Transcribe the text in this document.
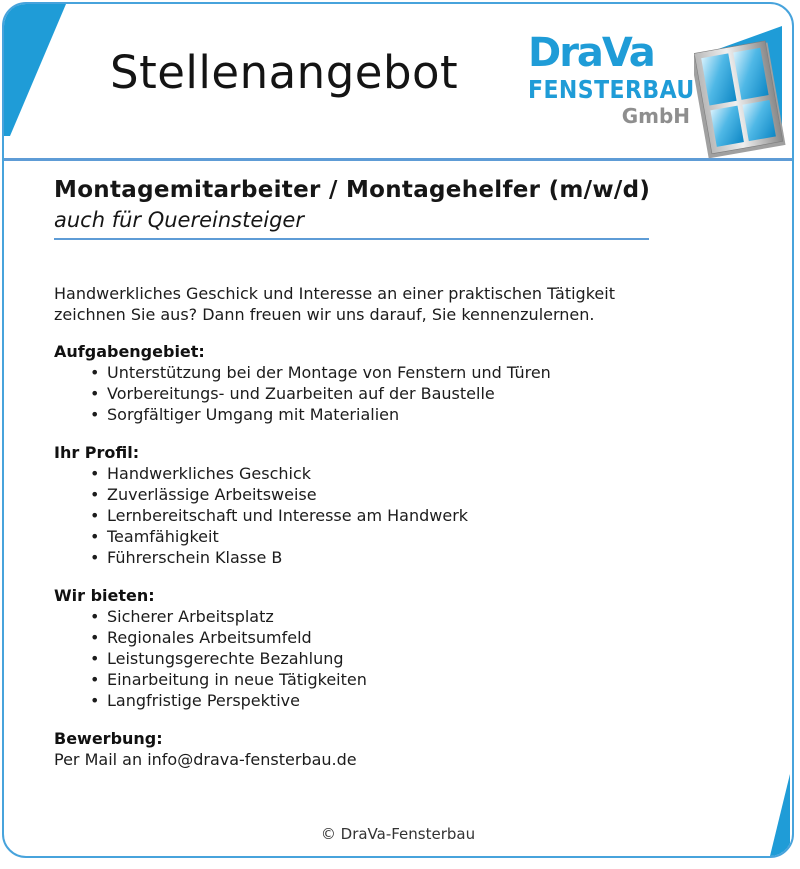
Stellenangebot DraVa
FENSTERBAU
GmbH
Montagemitarbeiter / Montagehelfer (m/w/d)
auch für Quereinsteiger
Handwerkliches Geschick und Interesse an einer praktischen Tätigkeit
zeichnen Sie aus? Dann freuen wir uns darauf, Sie kennenzulernen.
Aufgabengebiet:
• Unterstützung bei der Montage von Fenstern und Türen
• Vorbereitungs- und Zuarbeiten auf der Baustelle
• Sorgfältiger Umgang mit Materialien
Ihr Profil:
• Handwerkliches Geschick
• Zuverlässige Arbeitsweise
• Lernbereitschaft und Interesse am Handwerk
• Teamfähigkeit
• Führerschein Klasse B
Wir bieten:
• Sicherer Arbeitsplatz
• Regionales Arbeitsumfeld
• Leistungsgerechte Bezahlung
• Einarbeitung in neue Tätigkeiten
• Langfristige Perspektive
Bewerbung:
Per Mail an info@drava-fensterbau.de
© DraVa-Fensterbau
